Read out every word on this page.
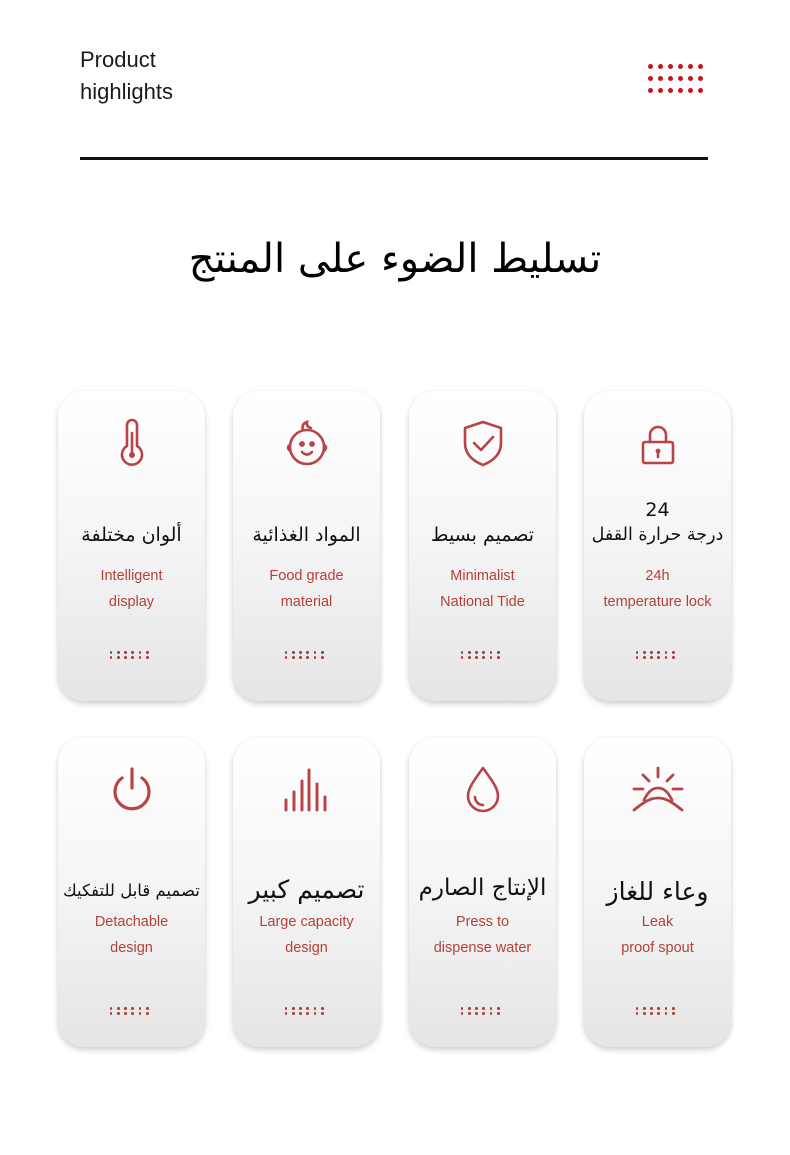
Product
highlights
تسليط الضوء على المنتج
ألوان مختلفة
Intelligent
display
المواد الغذائية
Food grade
material
تصميم بسيط
Minimalist
National Tide
24
درجة حرارة القفل
24h
temperature lock
تصميم قابل للتفكيك
Detachable
design
تصميم كبير
Large capacity
design
الإنتاج الصارم
Press to
dispense water
وعاء للغاز
Leak
proof spout
